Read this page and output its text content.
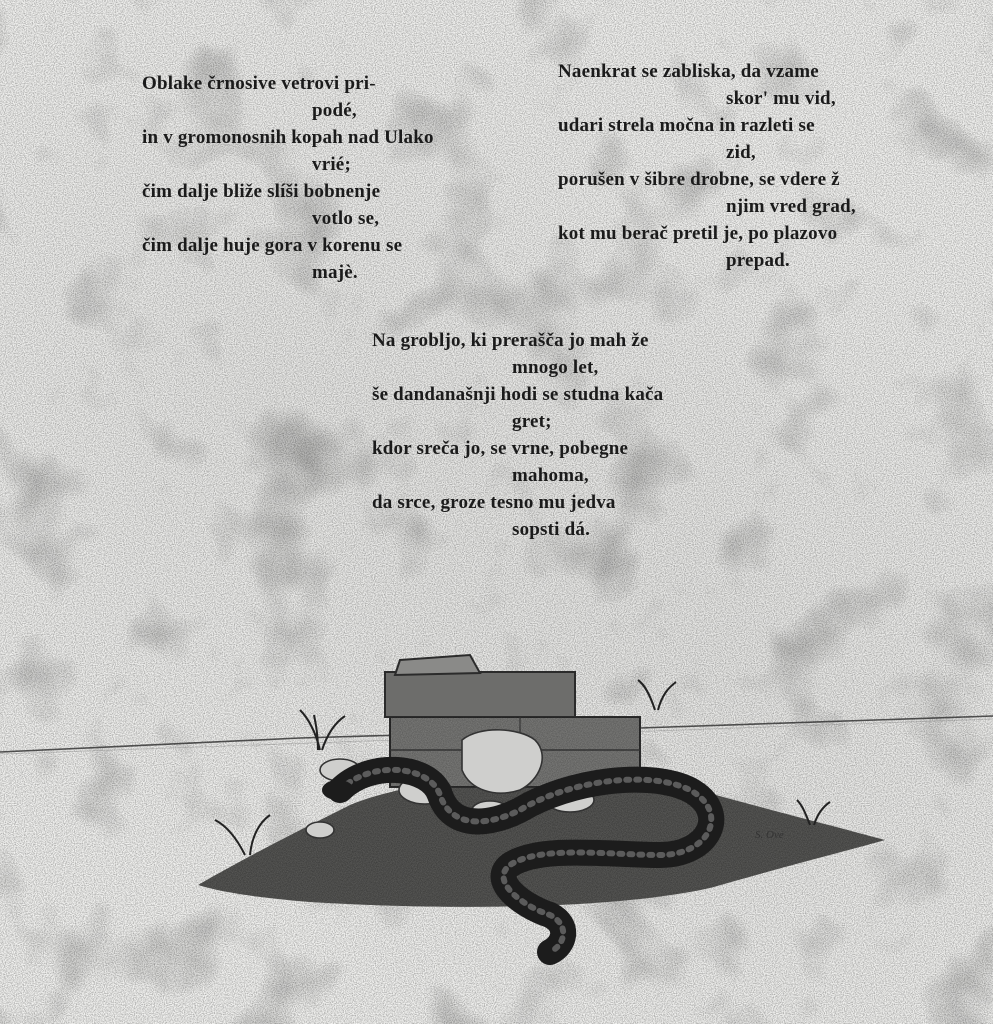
Oblake črnosive vetrovi pri-
podé,
in v gromonosnih kopah nad Ulako
vrié;
čim dalje bliže slíši bobnenje
votlo se,
čim dalje huje gora v korenu se
majè.
Naenkrat se zabliska, da vzame
skor' mu vid,
udari strela močna in razleti se
zid,
porušen v šibre drobne, se vdere ž
njim vred grad,
kot mu berač pretil je, po plazovo
prepad.
Na groblјo, ki prerašča jo mah že
mnogo let,
še dandanašnji hodi se studna kača
gret;
kdor sreča jo, se vrne, pobegne
mahoma,
da srce, groze tesno mu jedva
sopsti dá.
S. Ove
